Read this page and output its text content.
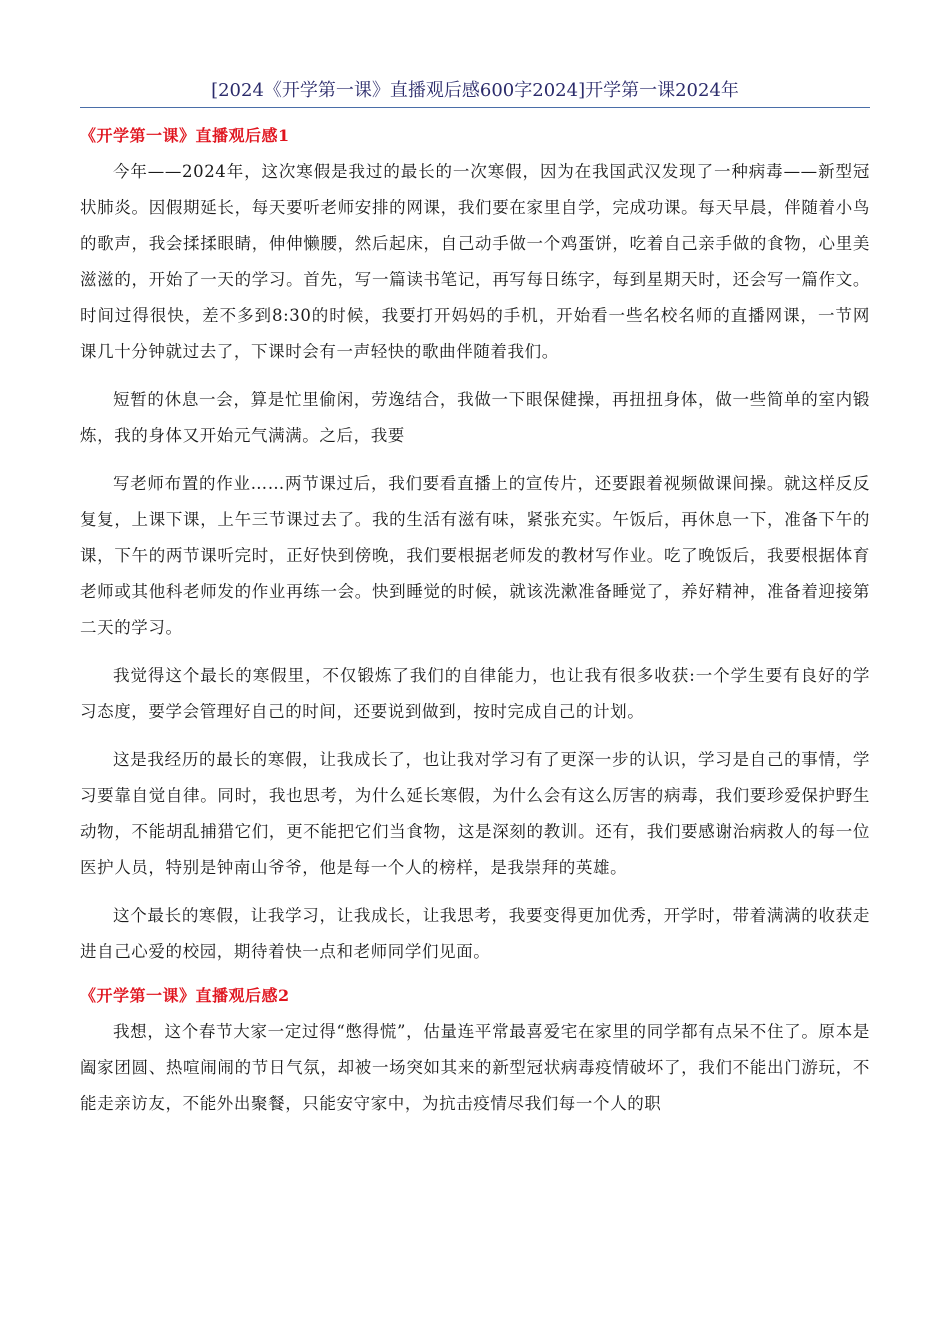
[2024《开学第一课》直播观后感600字2024]开学第一课2024年
《开学第一课》直播观后感1

今年——2024年，这次寒假是我过的最长的一次寒假，因为在我国武汉发现了一种病毒——新型冠状肺炎。因假期延长，每天要听老师安排的网课，我们要在家里自学，完成功课。每天早晨，伴随着小鸟的歌声，我会揉揉眼睛，伸伸懒腰，然后起床，自己动手做一个鸡蛋饼，吃着自己亲手做的食物，心里美滋滋的，开始了一天的学习。首先，写一篇读书笔记，再写每日练字，每到星期天时，还会写一篇作文。时间过得很快，差不多到8:30的时候，我要打开妈妈的手机，开始看一些名校名师的直播网课，一节网课几十分钟就过去了，下课时会有一声轻快的歌曲伴随着我们。

短暂的休息一会，算是忙里偷闲，劳逸结合，我做一下眼保健操，再扭扭身体，做一些简单的室内锻炼，我的身体又开始元气满满。之后，我要

写老师布置的作业……两节课过后，我们要看直播上的宣传片，还要跟着视频做课间操。就这样反反复复，上课下课，上午三节课过去了。我的生活有滋有味，紧张充实。午饭后，再休息一下，准备下午的课，下午的两节课听完时，正好快到傍晚，我们要根据老师发的教材写作业。吃了晚饭后，我要根据体育老师或其他科老师发的作业再练一会。快到睡觉的时候，就该洗漱准备睡觉了，养好精神，准备着迎接第二天的学习。

我觉得这个最长的寒假里，不仅锻炼了我们的自律能力，也让我有很多收获:一个学生要有良好的学习态度，要学会管理好自己的时间，还要说到做到，按时完成自己的计划。

这是我经历的最长的寒假，让我成长了，也让我对学习有了更深一步的认识，学习是自己的事情，学习要靠自觉自律。同时，我也思考，为什么延长寒假，为什么会有这么厉害的病毒，我们要珍爱保护野生动物，不能胡乱捕猎它们，更不能把它们当食物，这是深刻的教训。还有，我们要感谢治病救人的每一位医护人员，特别是钟南山爷爷，他是每一个人的榜样，是我崇拜的英雄。

这个最长的寒假，让我学习，让我成长，让我思考，我要变得更加优秀，开学时，带着满满的收获走进自己心爱的校园，期待着快一点和老师同学们见面。

《开学第一课》直播观后感2

我想，这个春节大家一定过得“憋得慌”，估量连平常最喜爱宅在家里的同学都有点呆不住了。原本是阖家团圆、热喧闹闹的节日气氛，却被一场突如其来的新型冠状病毒疫情破坏了，我们不能出门游玩，不能走亲访友，不能外出聚餐，只能安守家中，为抗击疫情尽我们每一个人的职
